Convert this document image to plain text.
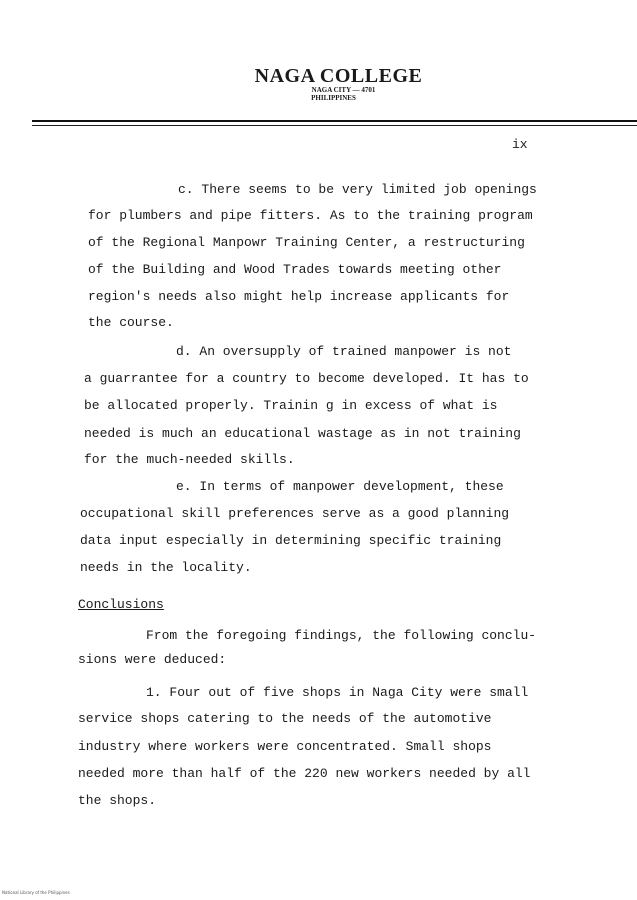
NAGA COLLEGE
NAGA CITY — 4701
PHILIPPINES
ix
c. There seems to be very limited job openings
for plumbers and pipe fitters. As to the training program
of the Regional Manpowr Training Center, a restructuring
of the Building and Wood Trades towards meeting other
region's needs also might help increase applicants for
the course.
d. An oversupply of trained manpower is not
a guarrantee for a country to become developed. It has to
be allocated properly. Trainin g in excess of what is
needed is much an educational wastage as in not training
for the much-needed skills.
e. In terms of manpower development, these
occupational skill preferences serve as a good planning
data input especially in determining specific training
needs in the locality.
Conclusions
From the foregoing findings, the following conclu-
sions were deduced:
1. Four out of five shops in Naga City were small
service shops catering to the needs of the automotive
industry where workers were concentrated. Small shops
needed more than half of the 220 new workers needed by all
the shops.
National Library of the Philippines
